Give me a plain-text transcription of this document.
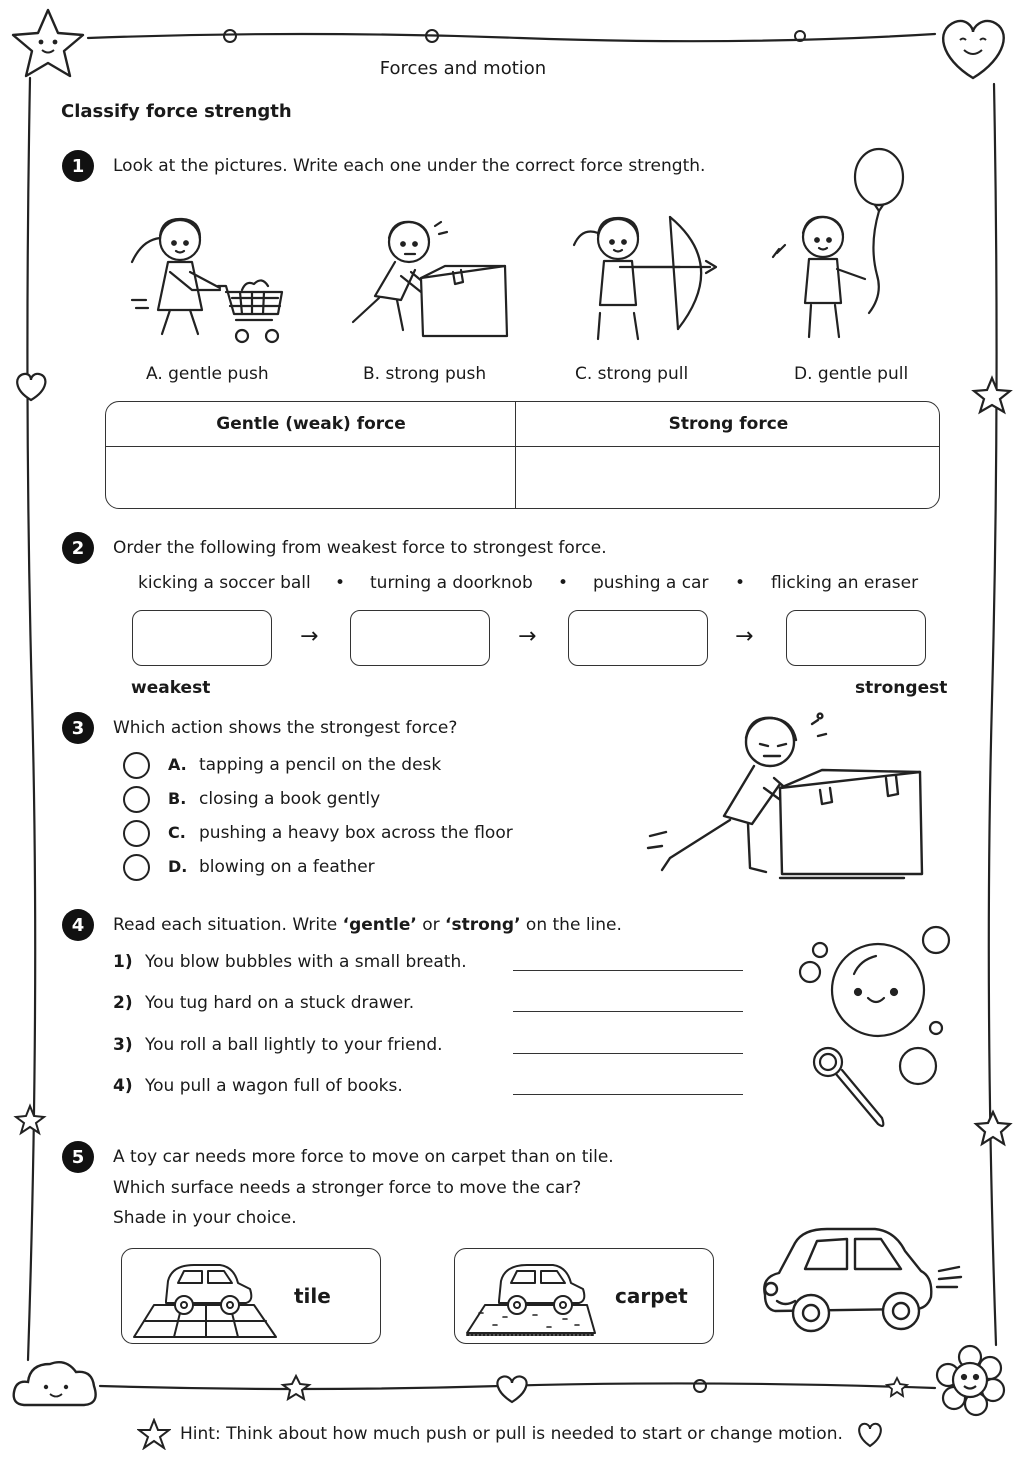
Forces and motion
Classify force strength
1	Look at the pictures. Write each one under the correct force strength.
A. gentle push	B. strong push	C. strong pull	D. gentle pull
Gentle (weak) force	Strong force
2	Order the following from weakest force to strongest force.
kicking a soccer ball • turning a doorknob • pushing a car • flicking an eraser
→	→	→
weakest	strongest
3	Which action shows the strongest force?
A. tapping a pencil on the desk
B. closing a book gently
C. pushing a heavy box across the floor
D. blowing on a feather
4	Read each situation. Write ‘gentle’ or ‘strong’ on the line.
1) You blow bubbles with a small breath.
2) You tug hard on a stuck drawer.
3) You roll a ball lightly to your friend.
4) You pull a wagon full of books.
5	A toy car needs more force to move on carpet than on tile.
Which surface needs a stronger force to move the car?
Shade in your choice.
tile	carpet
Hint: Think about how much push or pull is needed to start or change motion.
